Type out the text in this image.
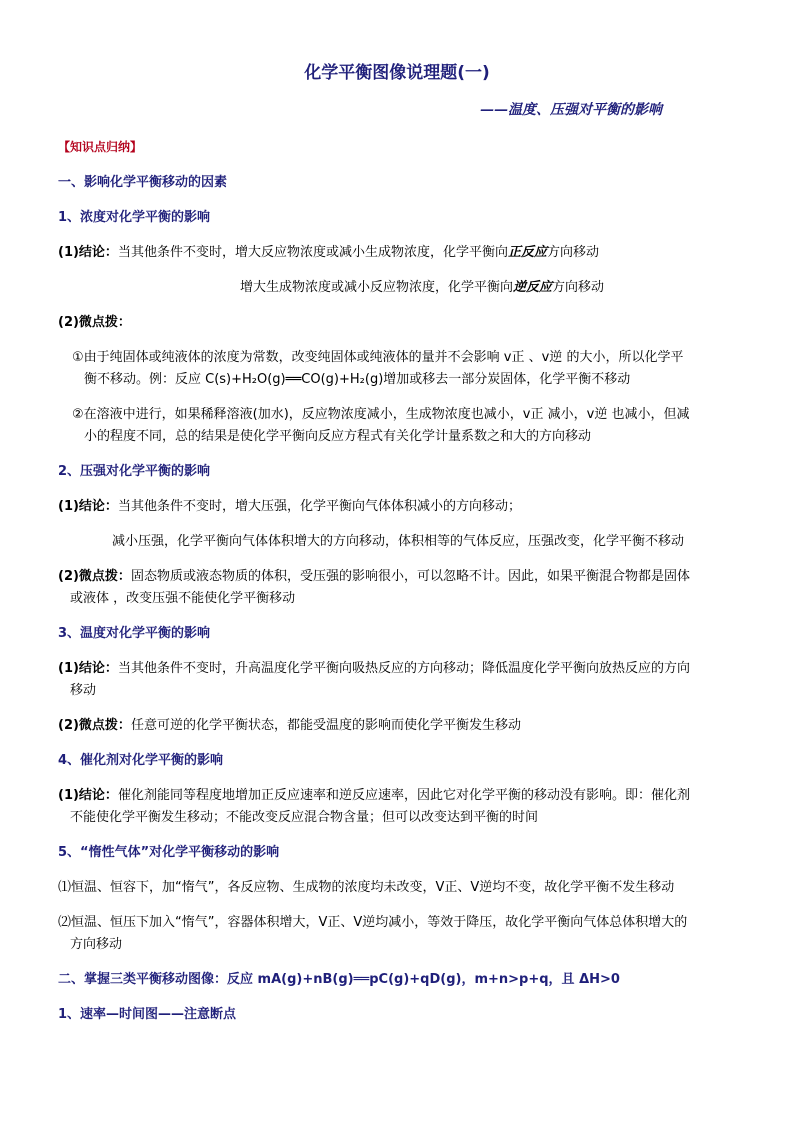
化学平衡图像说理题(一)
——温度、压强对平衡的影响
【知识点归纳】
一、影响化学平衡移动的因素
1、浓度对化学平衡的影响
(1)结论：当其他条件不变时，增大反应物浓度或减小生成物浓度，化学平衡向正反应方向移动
增大生成物浓度或减小反应物浓度，化学平衡向逆反应方向移动
(2)微点拨：
①由于纯固体或纯液体的浓度为常数，改变纯固体或纯液体的量并不会影响 v正 、v逆 的大小，所以化学平
衡不移动。例：反应 C(s)+H₂O(g)══CO(g)+H₂(g)增加或移去一部分炭固体，化学平衡不移动
②在溶液中进行，如果稀释溶液(加水)，反应物浓度减小，生成物浓度也减小，v正 减小，v逆 也减小，但减
小的程度不同，总的结果是使化学平衡向反应方程式有关化学计量系数之和大的方向移动
2、压强对化学平衡的影响
(1)结论：当其他条件不变时，增大压强，化学平衡向气体体积减小的方向移动；
减小压强，化学平衡向气体体积增大的方向移动，体积相等的气体反应，压强改变，化学平衡不移动
(2)微点拨：固态物质或液态物质的体积，受压强的影响很小，可以忽略不计。因此，如果平衡混合物都是固体
或液体 ，改变压强不能使化学平衡移动
3、温度对化学平衡的影响
(1)结论：当其他条件不变时，升高温度化学平衡向吸热反应的方向移动；降低温度化学平衡向放热反应的方向
移动
(2)微点拨：任意可逆的化学平衡状态，都能受温度的影响而使化学平衡发生移动
4、催化剂对化学平衡的影响
(1)结论：催化剂能同等程度地增加正反应速率和逆反应速率，因此它对化学平衡的移动没有影响。即：催化剂
不能使化学平衡发生移动；不能改变反应混合物含量；但可以改变达到平衡的时间
5、“惰性气体”对化学平衡移动的影响
⑴恒温、恒容下，加“惰气”，各反应物、生成物的浓度均未改变，V正、V逆均不变，故化学平衡不发生移动
⑵恒温、恒压下加入“惰气”，容器体积增大，V正、V逆均减小，等效于降压，故化学平衡向气体总体积增大的
方向移动
二、掌握三类平衡移动图像：反应 mA(g)+nB(g)══pC(g)+qD(g)，m+n>p+q，且 ΔH>0
1、速率—时间图——注意断点
